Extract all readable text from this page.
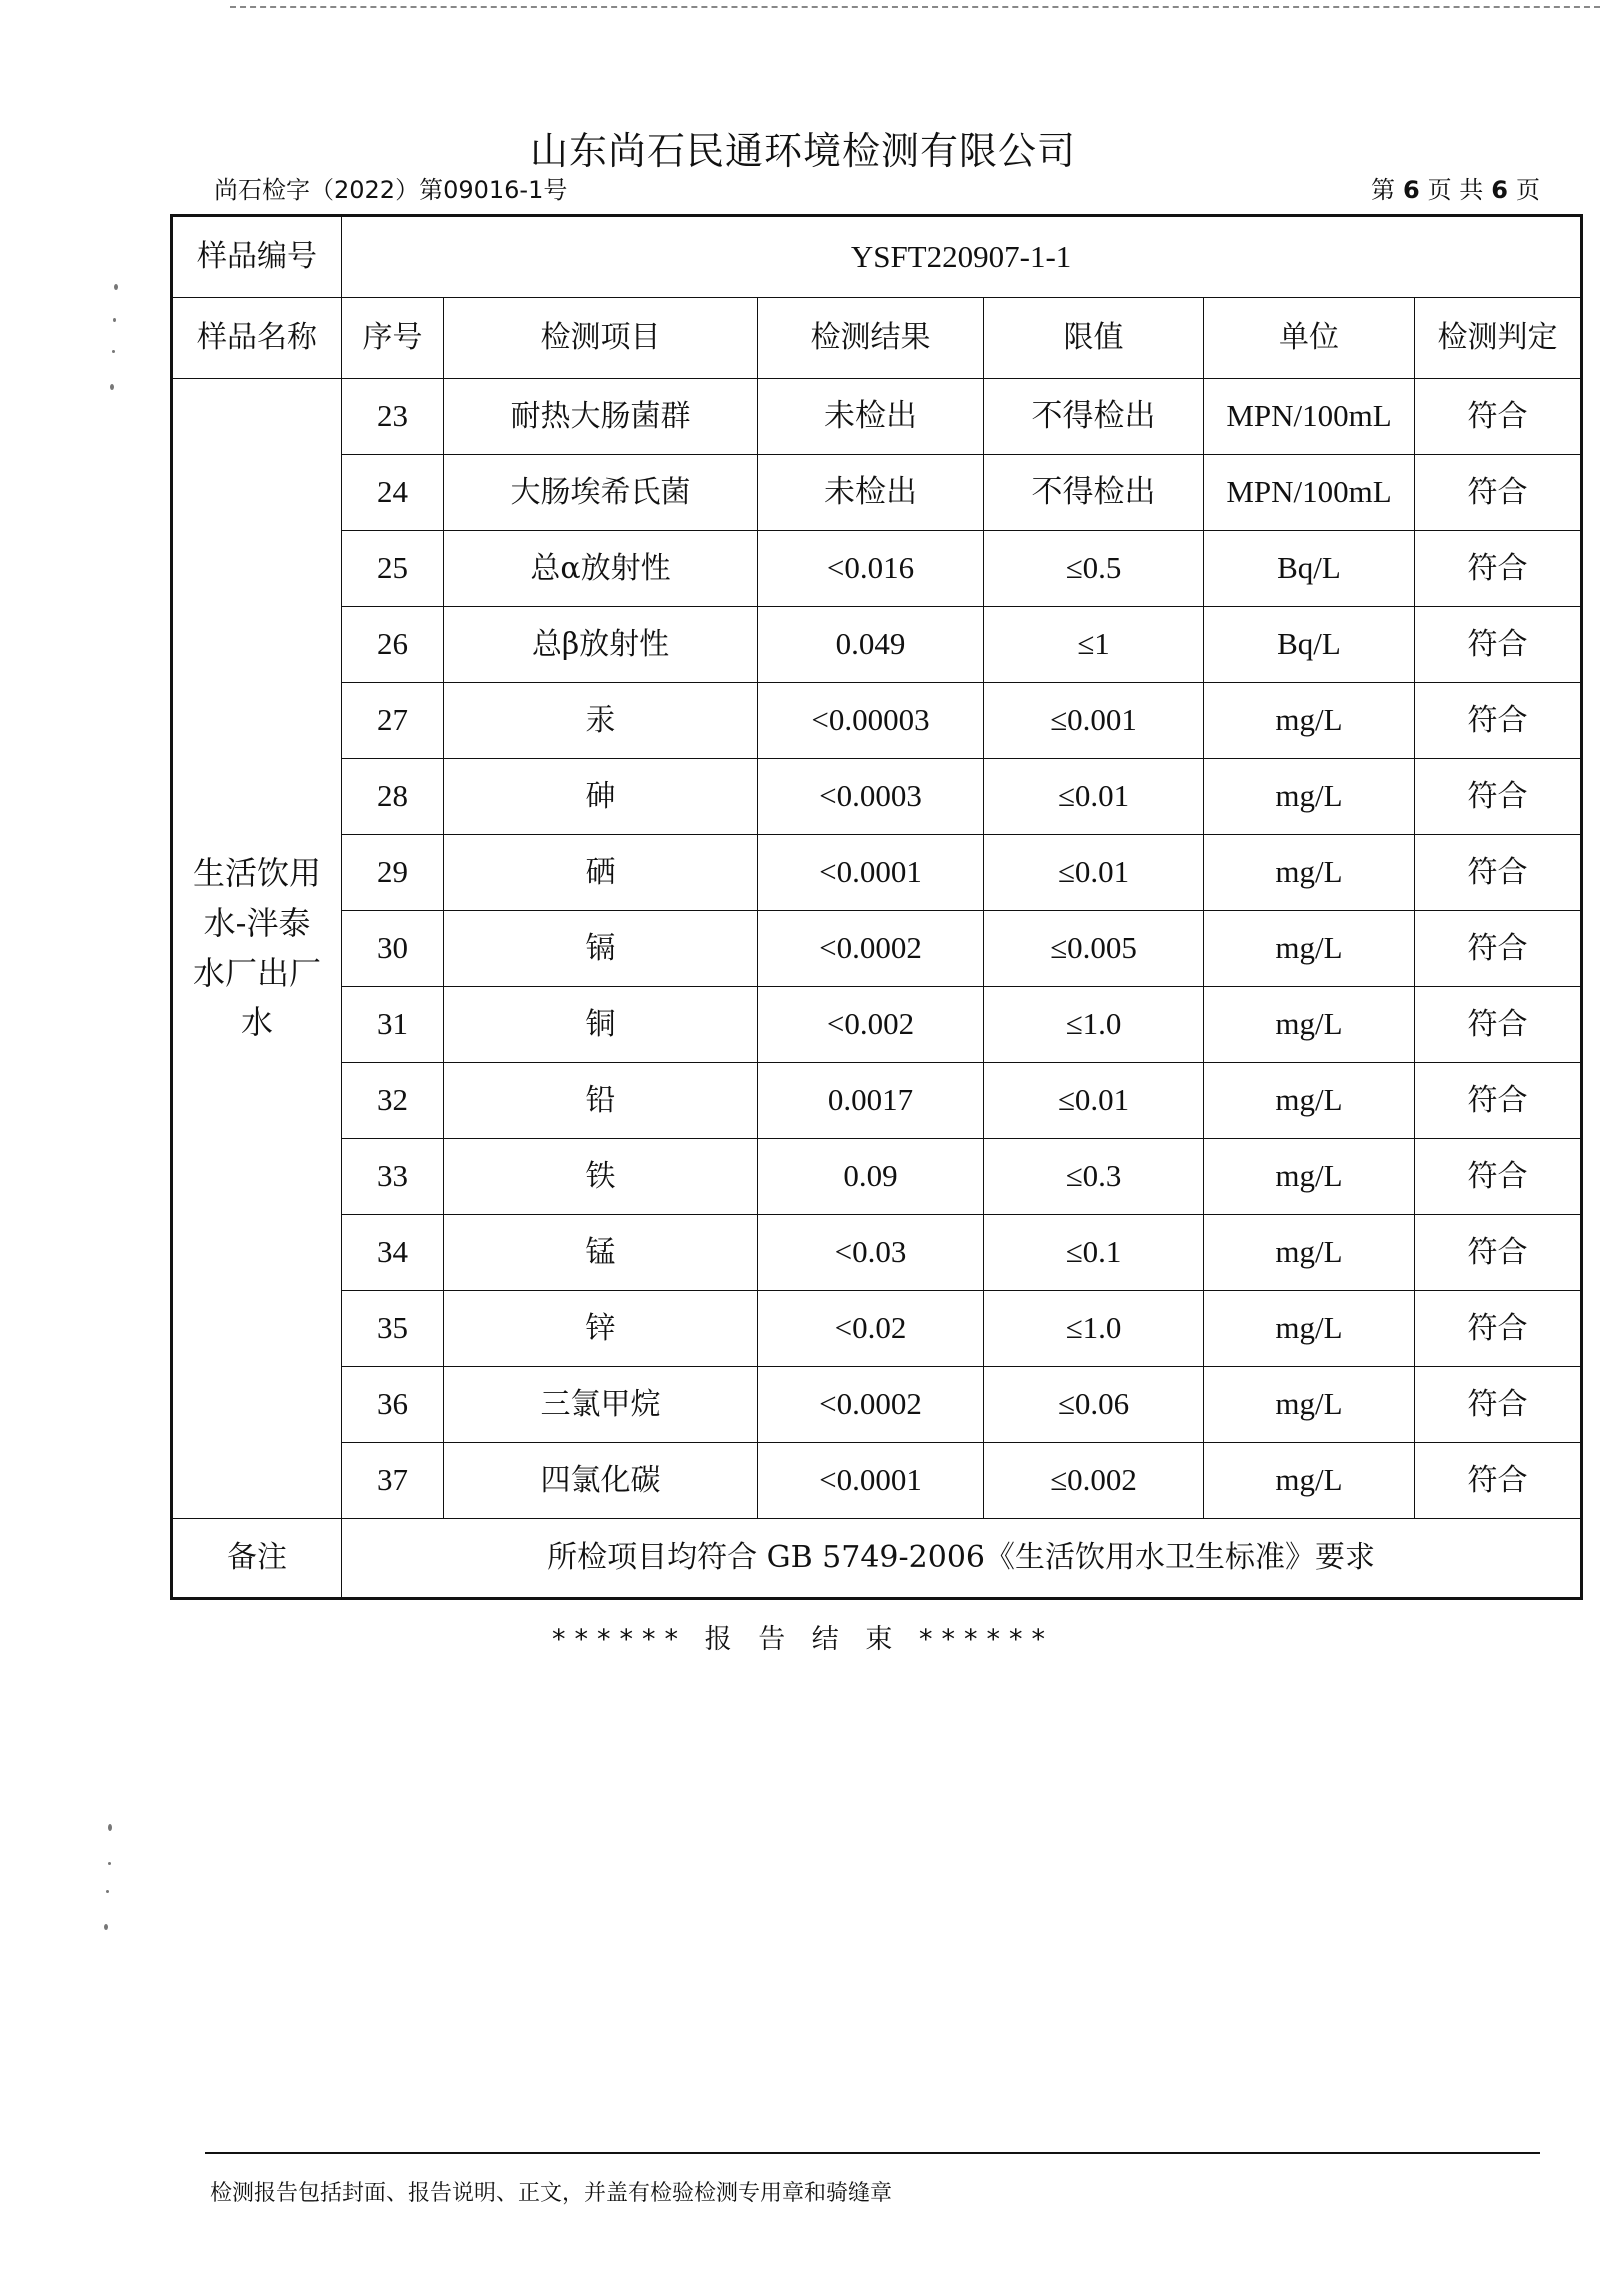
山东尚石民通环境检测有限公司
尚石检字（2022）第09016-1号	第 6 页 共 6 页
样品编号	YSFT220907-1-1					
样品名称	序号	检测项目	检测结果	限值	单位	检测判定

生活饮用
水-泮泰
水厂出厂
水	23	耐热大肠菌群	未检出	不得检出	MPN/100mL	符合
	24	大肠埃希氏菌	未检出	不得检出	MPN/100mL	符合
	25	总α放射性	<0.016	≤0.5	Bq/L	符合
	26	总β放射性	0.049	≤1	Bq/L	符合
	27	汞	<0.00003	≤0.001	mg/L	符合
	28	砷	<0.0003	≤0.01	mg/L	符合
	29	硒	<0.0001	≤0.01	mg/L	符合
	30	镉	<0.0002	≤0.005	mg/L	符合
	31	铜	<0.002	≤1.0	mg/L	符合
	32	铅	0.0017	≤0.01	mg/L	符合
	33	铁	0.09	≤0.3	mg/L	符合
	34	锰	<0.03	≤0.1	mg/L	符合
	35	锌	<0.02	≤1.0	mg/L	符合
	36	三氯甲烷	<0.0002	≤0.06	mg/L	符合
	37	四氯化碳	<0.0001	≤0.002	mg/L	符合
备注	所检项目均符合 GB 5749-2006《生活饮用水卫生标准》要求					
****** 报 告 结 束 ******
检测报告包括封面、报告说明、正文，并盖有检验检测专用章和骑缝章
